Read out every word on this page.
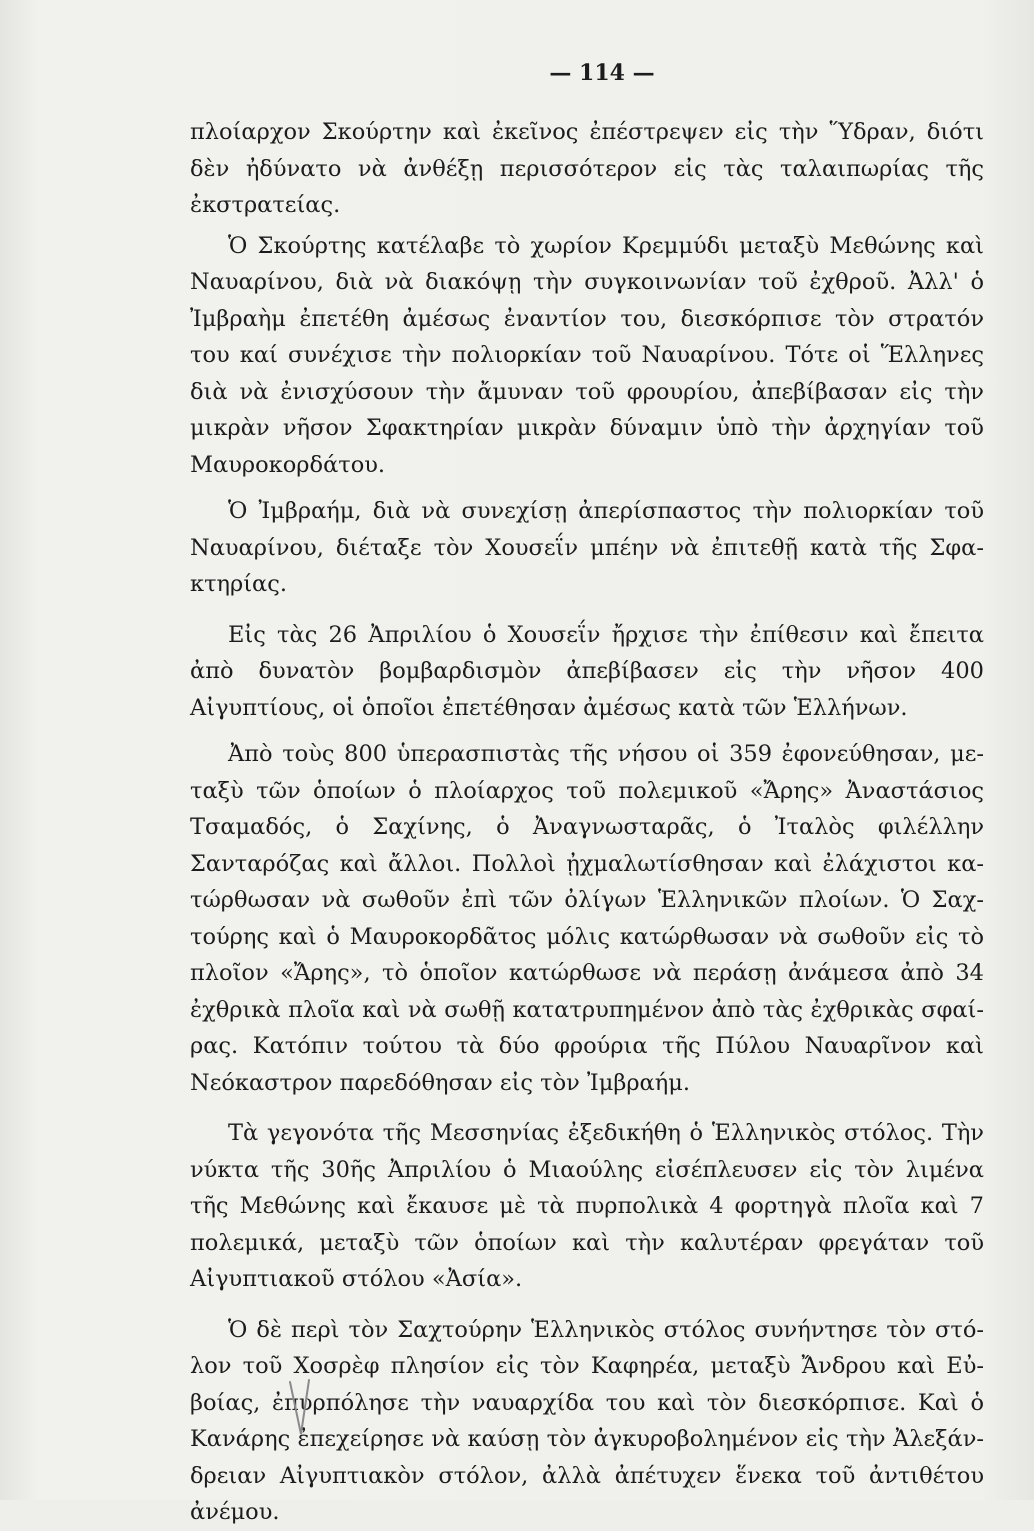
— 114 —

πλοίαρχον Σκούρτην καὶ ἐκεῖνος ἐπέστρεψεν εἰς τὴν Ὕδραν, διότι δὲν ἠδύνατο νὰ ἀνθέξῃ περισσότερον εἰς τὰς ταλαιπωρίας τῆς ἐκστρατείας.

Ὁ Σκούρτης κατέλαβε τὸ χωρίον Κρεμμύδι μεταξὺ Μεθώνης καὶ Ναυαρίνου, διὰ νὰ διακόψῃ τὴν συγκοινωνίαν τοῦ ἐχθροῦ. Ἀλλ' ὁ Ἰμβραὴμ ἐπετέθη ἀμέσως ἐναντίον του, διεσκόρπισε τὸν στρατόν του καί συνέχισε τὴν πολιορκίαν τοῦ Ναυαρίνου. Τότε οἱ Ἕλληνες διὰ νὰ ἐνισχύσουν τὴν ἄμυναν τοῦ φρουρίου, ἀπεβίβασαν εἰς τὴν μικρὰν νῆσον Σφακτηρίαν μικρὰν δύναμιν ὑπὸ τὴν ἀρχηγίαν τοῦ Μαυροκορδάτου.

Ὁ Ἰμβραήμ, διὰ νὰ συνεχίσῃ ἀπερίσπαστος τὴν πολιορκίαν τοῦ Ναυαρίνου, διέταξε τὸν Χουσεΐν μπέην νὰ ἐπιτεθῇ κατὰ τῆς Σφακτηρίας.

Εἰς τὰς 26 Ἀπριλίου ὁ Χουσεΐν ἤρχισε τὴν ἐπίθεσιν καὶ ἔπειτα ἀπὸ δυνατὸν βομβαρδισμὸν ἀπεβίβασεν εἰς τὴν νῆσον 400 Αἰγυπτίους, οἱ ὁποῖοι ἐπετέθησαν ἀμέσως κατὰ τῶν Ἑλλήνων.

Ἀπὸ τοὺς 800 ὑπερασπιστὰς τῆς νήσου οἱ 359 ἐφονεύθησαν, μεταξὺ τῶν ὁποίων ὁ πλοίαρχος τοῦ πολεμικοῦ «Ἄρης» Ἀναστάσιος Τσαμαδός, ὁ Σαχίνης, ὁ Ἀναγνωσταρᾶς, ὁ Ἰταλὸς φιλέλλην Σανταρόζας καὶ ἄλλοι. Πολλοὶ ᾐχμαλωτίσθησαν καὶ ἐλάχιστοι κατώρθωσαν νὰ σωθοῦν ἐπὶ τῶν ὀλίγων Ἑλληνικῶν πλοίων. Ὁ Σαχτούρης καὶ ὁ Μαυροκορδᾶτος μόλις κατώρθωσαν νὰ σωθοῦν εἰς τὸ πλοῖον «Ἄρης», τὸ ὁποῖον κατώρθωσε νὰ περάσῃ ἀνάμεσα ἀπὸ 34 ἐχθρικὰ πλοῖα καὶ νὰ σωθῇ κατατρυπημένον ἀπὸ τὰς ἐχθρικὰς σφαίρας. Κατόπιν τούτου τὰ δύο φρούρια τῆς Πύλου Ναυαρῖνον καὶ Νεόκαστρον παρεδόθησαν εἰς τὸν Ἰμβραήμ.

Τὰ γεγονότα τῆς Μεσσηνίας ἐξεδικήθη ὁ Ἑλληνικὸς στόλος. Τὴν νύκτα τῆς 30ῆς Ἀπριλίου ὁ Μιαούλης εἰσέπλευσεν εἰς τὸν λιμένα τῆς Μεθώνης καὶ ἔκαυσε μὲ τὰ πυρπολικὰ 4 φορτηγὰ πλοῖα καὶ 7 πολεμικά, μεταξὺ τῶν ὁποίων καὶ τὴν καλυτέραν φρεγάταν τοῦ Αἰγυπτιακοῦ στόλου «Ἀσία».

Ὁ δὲ περὶ τὸν Σαχτούρην Ἑλληνικὸς στόλος συνήντησε τὸν στόλον τοῦ Χοσρὲφ πλησίον εἰς τὸν Καφηρέα, μεταξὺ Ἄνδρου καὶ Εὐβοίας, ἐπυρπόλησε τὴν ναυαρχίδα του καὶ τὸν διεσκόρπισε. Καὶ ὁ Κανάρης ἐπεχείρησε νὰ καύσῃ τὸν ἀγκυροβολημένον εἰς τὴν Ἀλεξάνδρειαν Αἰγυπτιακὸν στόλον, ἀλλὰ ἀπέτυχεν ἕνεκα τοῦ ἀντιθέτου ἀνέμου.
